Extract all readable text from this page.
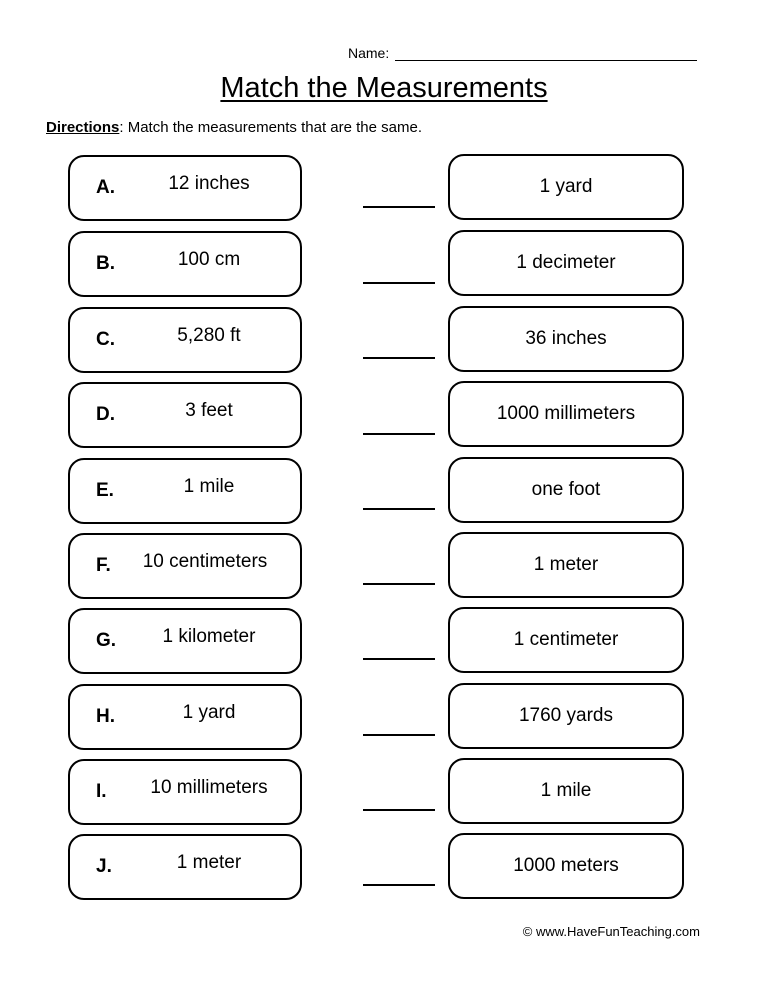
Name:
Match the Measurements
Directions: Match the measurements that are the same.
A.	12 inches	1 yard
B.	100 cm	1 decimeter
C.	5,280 ft	36 inches
D.	3 feet	1000 millimeters
E.	1 mile	one foot
F.	10 centimeters	1 meter
G.	1 kilometer	1 centimeter
H.	1 yard	1760 yards
I.	10 millimeters	1 mile
J.	1 meter	1000 meters
© www.HaveFunTeaching.com
